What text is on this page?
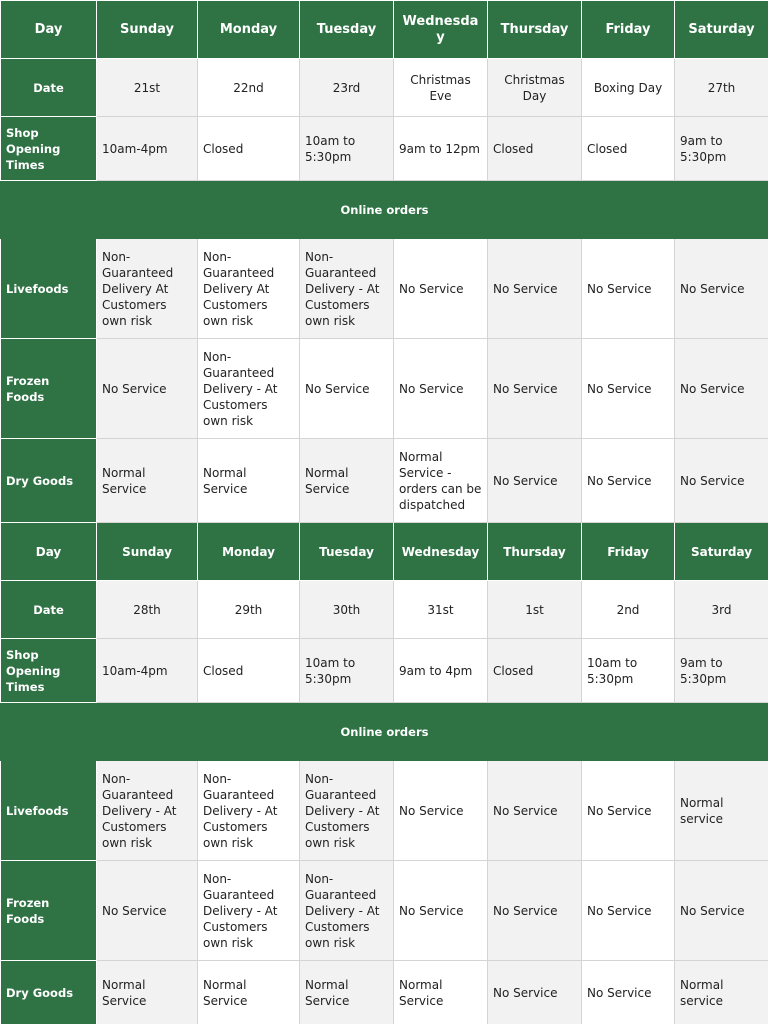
Day	Sunday	Monday	Tuesday	Wednesday	Thursday	Friday	Saturday
Date	21st	22nd	23rd	Christmas Eve	Christmas Day	Boxing Day	27th
Shop Opening Times	10am-4pm	Closed	10am to 5:30pm	9am to 12pm	Closed	Closed	9am to 5:30pm
Online orders							
Livefoods	Non-Guaranteed Delivery At Customers own risk	Non-Guaranteed Delivery At Customers own risk	Non-Guaranteed Delivery - At Customers own risk	No Service	No Service	No Service	No Service
Frozen Foods	No Service	Non-Guaranteed Delivery - At Customers own risk	No Service	No Service	No Service	No Service	No Service
Dry Goods	Normal Service	Normal Service	Normal Service	Normal Service - orders can be dispatched	No Service	No Service	No Service
Day	Sunday	Monday	Tuesday	Wednesday	Thursday	Friday	Saturday
Date	28th	29th	30th	31st	1st	2nd	3rd
Shop Opening Times	10am-4pm	Closed	10am to 5:30pm	9am to 4pm	Closed	10am to 5:30pm	9am to 5:30pm
Online orders							
Livefoods	Non-Guaranteed Delivery - At Customers own risk	Non-Guaranteed Delivery - At Customers own risk	Non-Guaranteed Delivery - At Customers own risk	No Service	No Service	No Service	Normal service
Frozen Foods	No Service	Non-Guaranteed Delivery - At Customers own risk	Non-Guaranteed Delivery - At Customers own risk	No Service	No Service	No Service	No Service
Dry Goods	Normal Service	Normal Service	Normal Service	Normal Service	No Service	No Service	Normal service
